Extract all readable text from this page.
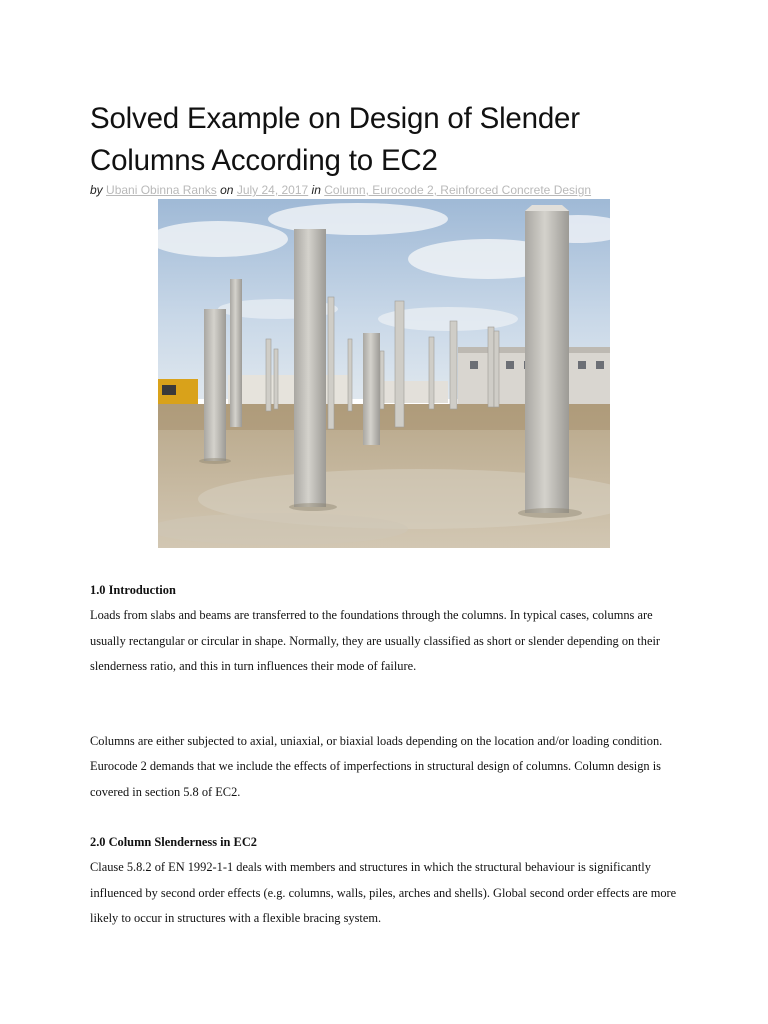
Solved Example on Design of Slender Columns According to EC2
by Ubani Obinna Ranks on July 24, 2017 in Column, Eurocode 2, Reinforced Concrete Design
1.0 Introduction

Loads from slabs and beams are transferred to the foundations through the columns. In typical cases, columns are usually rectangular or circular in shape. Normally, they are usually classified as short or slender depending on their slenderness ratio, and this in turn influences their mode of failure.

Columns are either subjected to axial, uniaxial, or biaxial loads depending on the location and/or loading condition. Eurocode 2 demands that we include the effects of imperfections in structural design of columns. Column design is covered in section 5.8 of EC2.

2.0 Column Slenderness in EC2

Clause 5.8.2 of EN 1992-1-1 deals with members and structures in which the structural behaviour is significantly influenced by second order effects (e.g. columns, walls, piles, arches and shells). Global second order effects are more likely to occur in structures with a flexible bracing system.
